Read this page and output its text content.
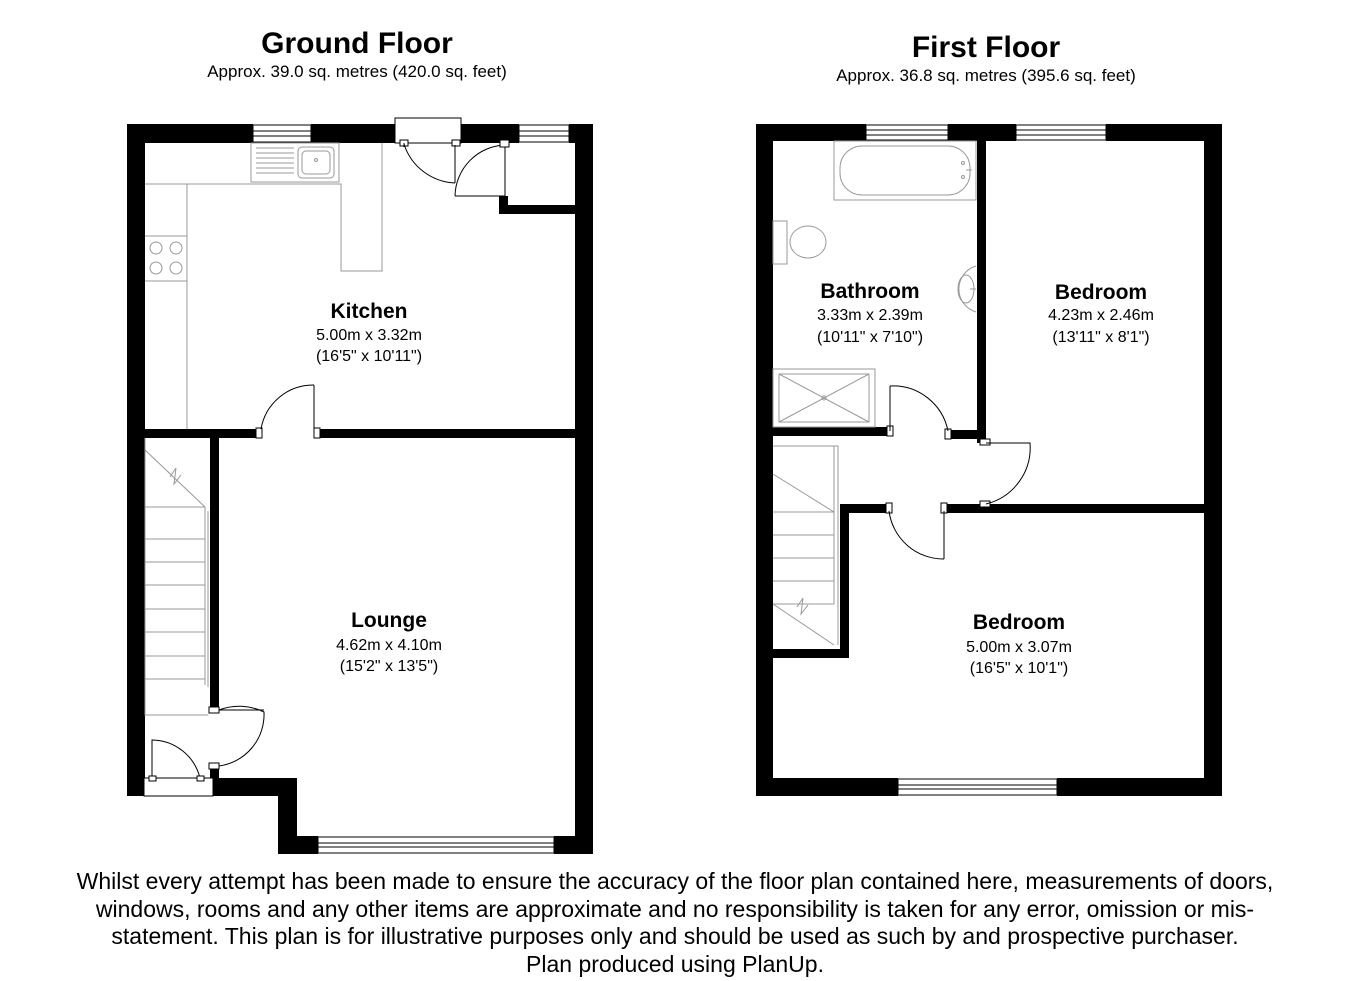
Ground Floor
Approx. 39.0 sq. metres (420.0 sq. feet)
First Floor
Approx. 36.8 sq. metres (395.6 sq. feet)
Kitchen
5.00m x 3.32m
(16'5" x 10'11")
Lounge
4.62m x 4.10m
(15'2" x 13'5")
Bathroom
3.33m x 2.39m
(10'11" x 7'10")
Bedroom
4.23m x 2.46m
(13'11" x 8'1")
Bedroom
5.00m x 3.07m
(16'5" x 10'1")
Whilst every attempt has been made to ensure the accuracy of the floor plan contained here, measurements of doors,
windows, rooms and any other items are approximate and no responsibility is taken for any error, omission or mis-
statement. This plan is for illustrative purposes only and should be used as such by and prospective purchaser.
Plan produced using PlanUp.
